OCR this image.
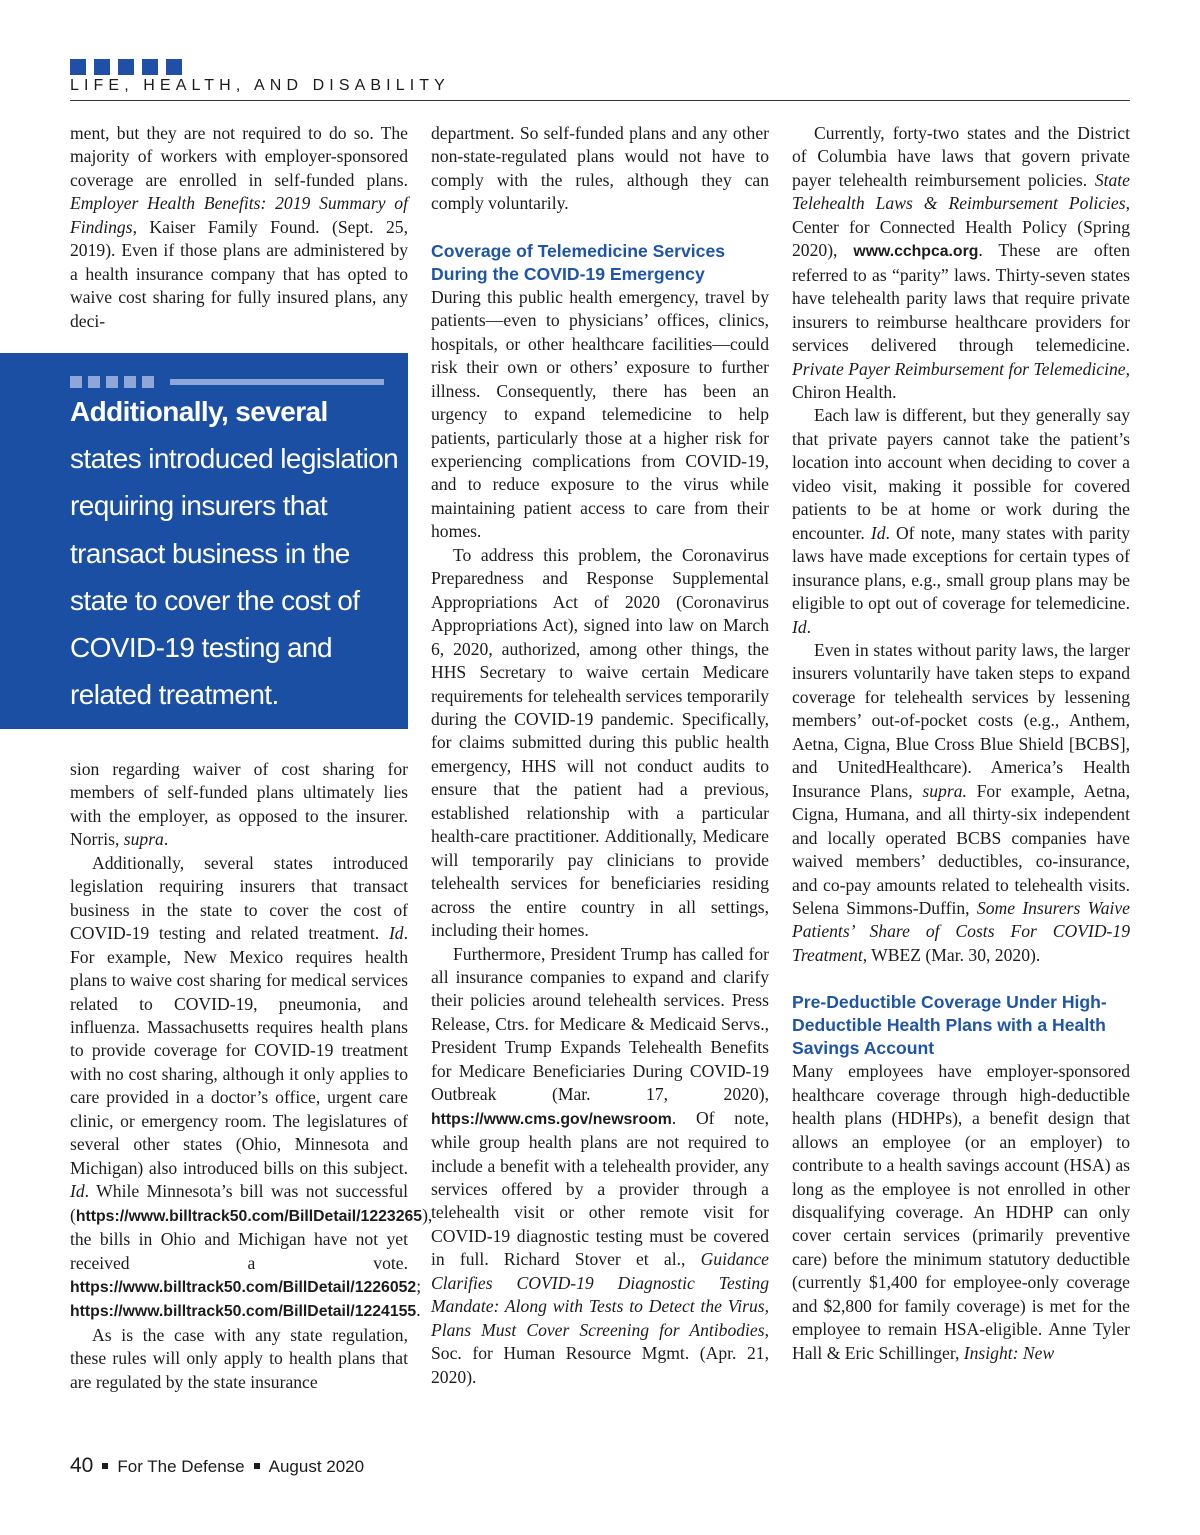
LIFE, HEALTH, AND DISABILITY

ment, but they are not required to do so. The majority of workers with employer-sponsored coverage are enrolled in self-funded plans. Employer Health Benefits: 2019 Summary of Findings, Kaiser Family Found. (Sept. 25, 2019). Even if those plans are administered by a health insurance company that has opted to waive cost sharing for fully insured plans, any deci-

Additionally, several states introduced legislation requiring insurers that transact business in the state to cover the cost of COVID-19 testing and related treatment.

sion regarding waiver of cost sharing for members of self-funded plans ultimately lies with the employer, as opposed to the insurer. Norris, supra.

Additionally, several states introduced legislation requiring insurers that transact business in the state to cover the cost of COVID-19 testing and related treatment. Id. For example, New Mexico requires health plans to waive cost sharing for medical services related to COVID-19, pneumonia, and influenza. Massachusetts requires health plans to provide coverage for COVID-19 treatment with no cost sharing, although it only applies to care provided in a doctor’s office, urgent care clinic, or emergency room. The legislatures of several other states (Ohio, Minnesota and Michigan) also introduced bills on this subject. Id. While Minnesota’s bill was not successful (https://www.billtrack50.com/BillDetail/1223265), the bills in Ohio and Michigan have not yet received a vote. https://www.billtrack50.com/BillDetail/1226052; https://www.billtrack50.com/BillDetail/1224155.

As is the case with any state regulation, these rules will only apply to health plans that are regulated by the state insurance

department. So self-funded plans and any other non-state-regulated plans would not have to comply with the rules, although they can comply voluntarily.

Coverage of Telemedicine Services During the COVID-19 Emergency

During this public health emergency, travel by patients—even to physicians’ offices, clinics, hospitals, or other healthcare facilities—could risk their own or others’ exposure to further illness. Consequently, there has been an urgency to expand telemedicine to help patients, particularly those at a higher risk for experiencing complications from COVID-19, and to reduce exposure to the virus while maintaining patient access to care from their homes.

To address this problem, the Coronavirus Preparedness and Response Supplemental Appropriations Act of 2020 (Coronavirus Appropriations Act), signed into law on March 6, 2020, authorized, among other things, the HHS Secretary to waive certain Medicare requirements for telehealth services temporarily during the COVID-19 pandemic. Specifically, for claims submitted during this public health emergency, HHS will not conduct audits to ensure that the patient had a previous, established relationship with a particular health-care practitioner. Additionally, Medicare will temporarily pay clinicians to provide telehealth services for beneficiaries residing across the entire country in all settings, including their homes.

Furthermore, President Trump has called for all insurance companies to expand and clarify their policies around telehealth services. Press Release, Ctrs. for Medicare & Medicaid Servs., President Trump Expands Telehealth Benefits for Medicare Beneficiaries During COVID-19 Outbreak (Mar. 17, 2020), https://www.cms.gov/newsroom. Of note, while group health plans are not required to include a benefit with a telehealth provider, any services offered by a provider through a telehealth visit or other remote visit for COVID-19 diagnostic testing must be covered in full. Richard Stover et al., Guidance Clarifies COVID-19 Diagnostic Testing Mandate: Along with Tests to Detect the Virus, Plans Must Cover Screening for Antibodies, Soc. for Human Resource Mgmt. (Apr. 21, 2020).

Currently, forty-two states and the District of Columbia have laws that govern private payer telehealth reimbursement policies. State Telehealth Laws & Reimbursement Policies, Center for Connected Health Policy (Spring 2020), www.cchpca.org. These are often referred to as “parity” laws. Thirty-seven states have telehealth parity laws that require private insurers to reimburse healthcare providers for services delivered through telemedicine. Private Payer Reimbursement for Telemedicine, Chiron Health.

Each law is different, but they generally say that private payers cannot take the patient’s location into account when deciding to cover a video visit, making it possible for covered patients to be at home or work during the encounter. Id. Of note, many states with parity laws have made exceptions for certain types of insurance plans, e.g., small group plans may be eligible to opt out of coverage for telemedicine. Id.

Even in states without parity laws, the larger insurers voluntarily have taken steps to expand coverage for telehealth services by lessening members’ out-of-pocket costs (e.g., Anthem, Aetna, Cigna, Blue Cross Blue Shield [BCBS], and UnitedHealthcare). America’s Health Insurance Plans, supra. For example, Aetna, Cigna, Humana, and all thirty-six independent and locally operated BCBS companies have waived members’ deductibles, co-insurance, and co-pay amounts related to telehealth visits. Selena Simmons-Duffin, Some Insurers Waive Patients’ Share of Costs For COVID-19 Treatment, WBEZ (Mar. 30, 2020).

Pre-Deductible Coverage Under High-Deductible Health Plans with a Health Savings Account

Many employees have employer-sponsored healthcare coverage through high-deductible health plans (HDHPs), a benefit design that allows an employee (or an employer) to contribute to a health savings account (HSA) as long as the employee is not enrolled in other disqualifying coverage. An HDHP can only cover certain services (primarily preventive care) before the minimum statutory deductible (currently $1,400 for employee-only coverage and $2,800 for family coverage) is met for the employee to remain HSA-eligible. Anne Tyler Hall & Eric Schillinger, Insight: New

40 For The Defense August 2020
